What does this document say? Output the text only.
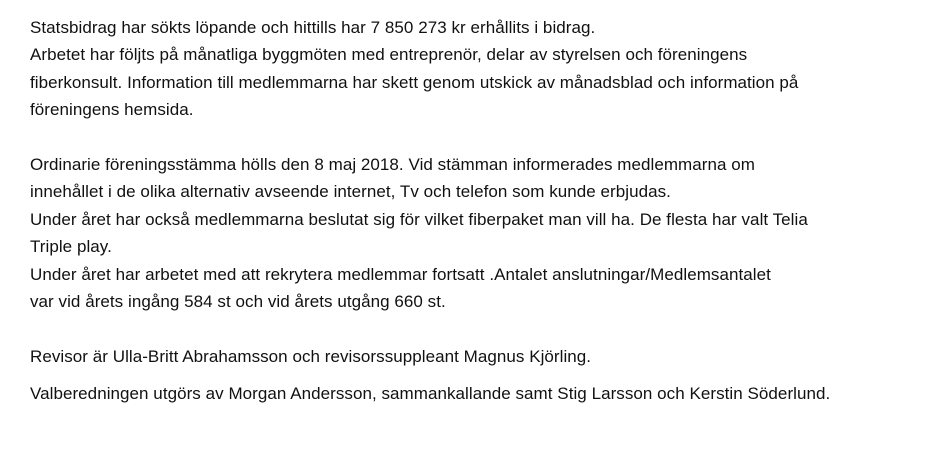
Statsbidrag har sökts löpande och hittills har 7 850 273 kr erhållits i bidrag.
Arbetet har följts på månatliga byggmöten med entreprenör, delar av styrelsen och föreningens
fiberkonsult. Information till medlemmarna har skett genom utskick av månadsblad och information på
föreningens hemsida.
Ordinarie föreningsstämma hölls den 8 maj 2018. Vid stämman informerades medlemmarna om
innehållet i de olika alternativ avseende internet, Tv och telefon som kunde erbjudas.
Under året har också medlemmarna beslutat sig för vilket fiberpaket man vill ha. De flesta har valt Telia
Triple play.
Under året har arbetet med att rekrytera medlemmar fortsatt .Antalet anslutningar/Medlemsantalet
var vid årets ingång 584 st och vid årets utgång 660 st.
Revisor är Ulla-Britt Abrahamsson och revisorssuppleant Magnus Kjörling.
Valberedningen utgörs av Morgan Andersson, sammankallande samt Stig Larsson och Kerstin Söderlund.
